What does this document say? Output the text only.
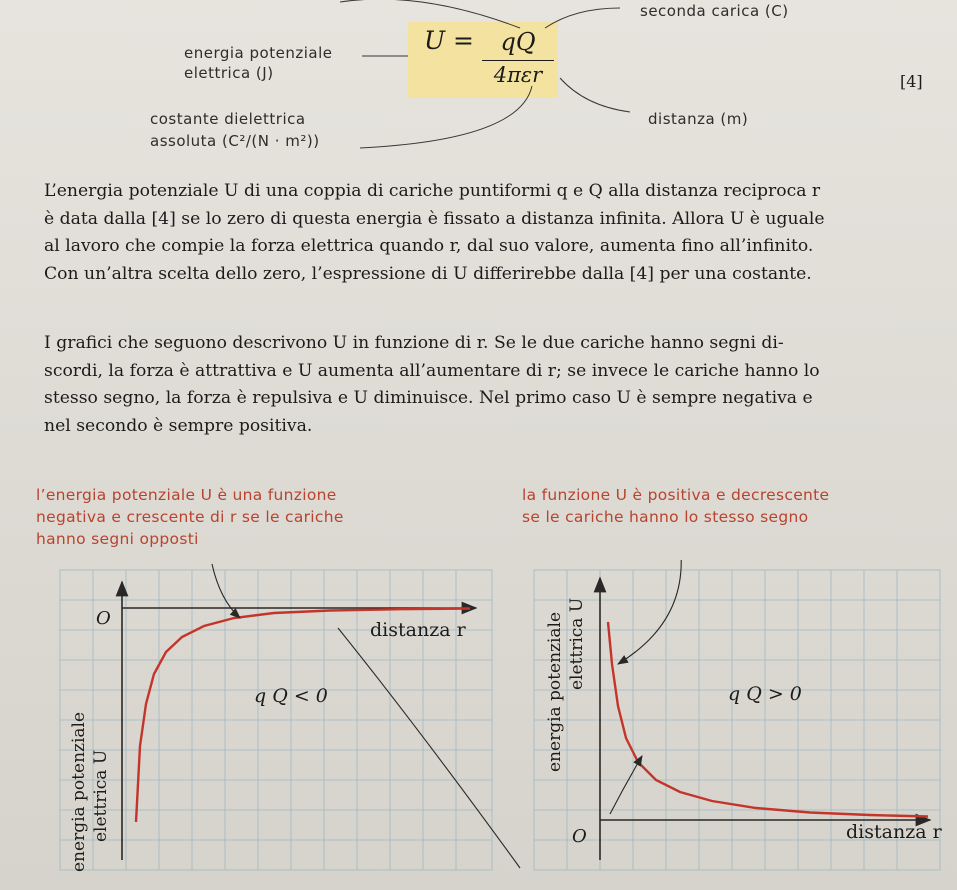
U =	qQ
4πεr	[4]
seconda carica (C)
energia potenziale
elettrica (J)
costante dielettrica
assoluta (C²/(N · m²))
distanza (m)
L’energia potenziale U di una coppia di cariche puntiformi q e Q alla distanza reciproca r
è data dalla [4] se lo zero di questa energia è fissato a distanza infinita. Allora U è uguale
al lavoro che compie la forza elettrica quando r, dal suo valore, aumenta fino all’infinito.
Con un’altra scelta dello zero, l’espressione di U differirebbe dalla [4] per una costante.
I grafici che seguono descrivono U in funzione di r. Se le due cariche hanno segni di-
scordi, la forza è attrattiva e U aumenta all’aumentare di r; se invece le cariche hanno lo
stesso segno, la forza è repulsiva e U diminuisce. Nel primo caso U è sempre negativa e
nel secondo è sempre positiva.
l’energia potenziale U è una funzione
negativa e crescente di r se le cariche
hanno segni opposti
la funzione U è positiva e decrescente
se le cariche hanno lo stesso segno
O
distanza r
q Q < 0
energia potenziale elettrica U	O	distanza r
q Q > 0
energia potenziale elettrica U
